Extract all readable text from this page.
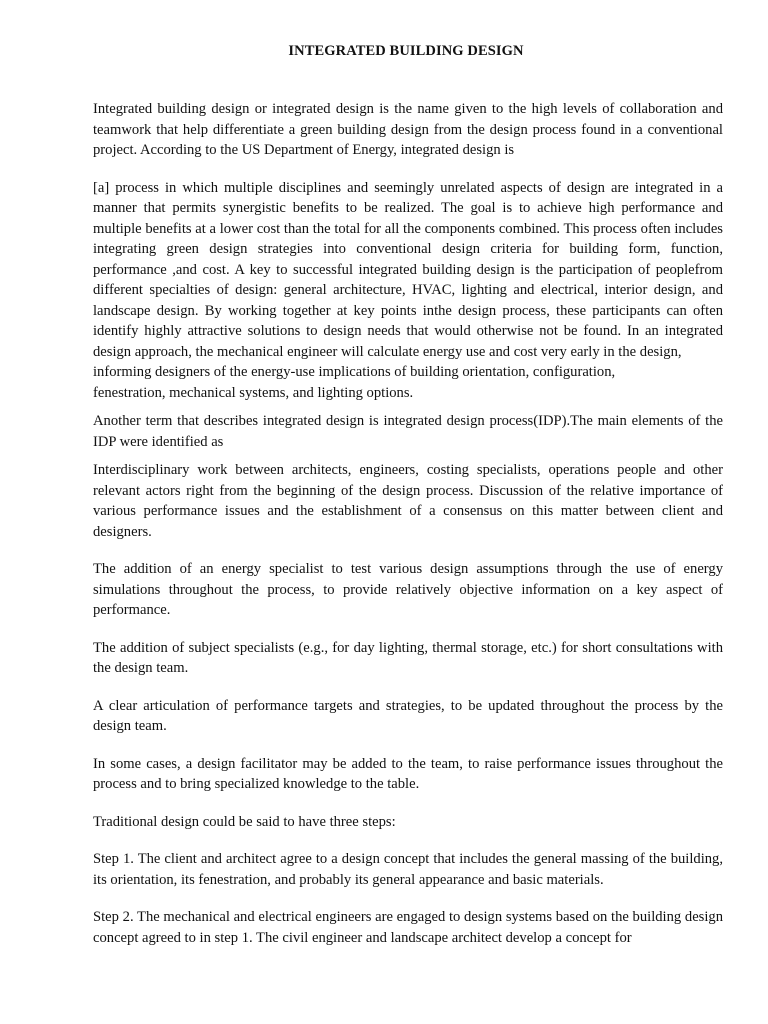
INTEGRATED BUILDING DESIGN

Integrated building design or integrated design is the name given to the high levels of collaboration and teamwork that help differentiate a green building design from the design process found in a conventional project. According to the US Department of Energy, integrated design is

[a] process in which multiple disciplines and seemingly unrelated aspects of design are integrated in a manner that permits synergistic benefits to be realized. The goal is to achieve high performance and multiple benefits at a lower cost than the total for all the components combined. This process often includes integrating green design strategies into conventional design criteria for building form, function, performance ,and cost. A key to successful integrated building design is the participation of peoplefrom different specialties of design: general architecture, HVAC, lighting and electrical, interior design, and landscape design. By working together at key points inthe design process, these participants can often identify highly attractive solutions to design needs that would otherwise not be found. In an integrated design approach, the mechanical engineer will calculate energy use and cost very early in the design,

informing designers of the energy-use implications of building orientation, configuration,

fenestration, mechanical systems, and lighting options.

Another term that describes integrated design is integrated design process(IDP).The main elements of the IDP were identified as

Interdisciplinary work between architects, engineers, costing specialists, operations people and other relevant actors right from the beginning of the design process. Discussion of the relative importance of various performance issues and the establishment of a consensus on this matter between client and designers.

The addition of an energy specialist to test various design assumptions through the use of energy simulations throughout the process, to provide relatively objective information on a key aspect of performance.

The addition of subject specialists (e.g., for day lighting, thermal storage, etc.) for short consultations with the design team.

A clear articulation of performance targets and strategies, to be updated throughout the process by the design team.

In some cases, a design facilitator may be added to the team, to raise performance issues throughout the process and to bring specialized knowledge to the table.

Traditional design could be said to have three steps:

Step 1. The client and architect agree to a design concept that includes the general massing of the building, its orientation, its fenestration, and probably its general appearance and basic materials.

Step 2. The mechanical and electrical engineers are engaged to design systems based on the building design concept agreed to in step 1. The civil engineer and landscape architect develop a concept for
